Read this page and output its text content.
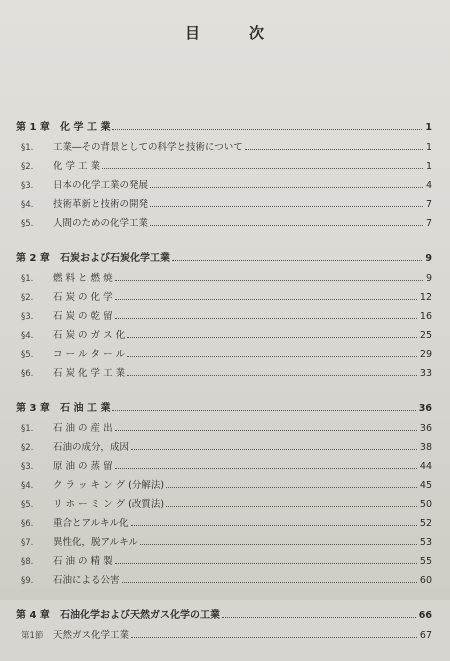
目	次
第 1 章	化 学 工 業	1
§1.	工業―その背景としての科学と技術について	1
§2.	化 学 工 業	1
§3.	日本の化学工業の発展	4
§4.	技術革新と技術の開発	7
§5.	人間のための化学工業	7
第 2 章	石炭および石炭化学工業	9
§1.	燃 料 と 燃 焼	9
§2.	石 炭 の 化 学	12
§3.	石 炭 の 乾 留	16
§4.	石 炭 の ガ ス 化	25
§5.	コ ー ル タ ー ル	29
§6.	石 炭 化 学 工 業	33
第 3 章	石 油 工 業	36
§1.	石 油 の 産 出	36
§2.	石油の成分，成因	38
§3.	原 油 の 蒸 留	44
§4.	ク ラ ッ キ ン グ (分解法)	45
§5.	リ ホ ー ミ ン グ (改質法)	50
§6.	重合とアルキル化	52
§7.	異性化，脱アルキル	53
§8.	石 油 の 精 製	55
§9.	石油による公害	60
第 4 章	石油化学および天然ガス化学の工業	66
第1節	天然ガス化学工業	67
